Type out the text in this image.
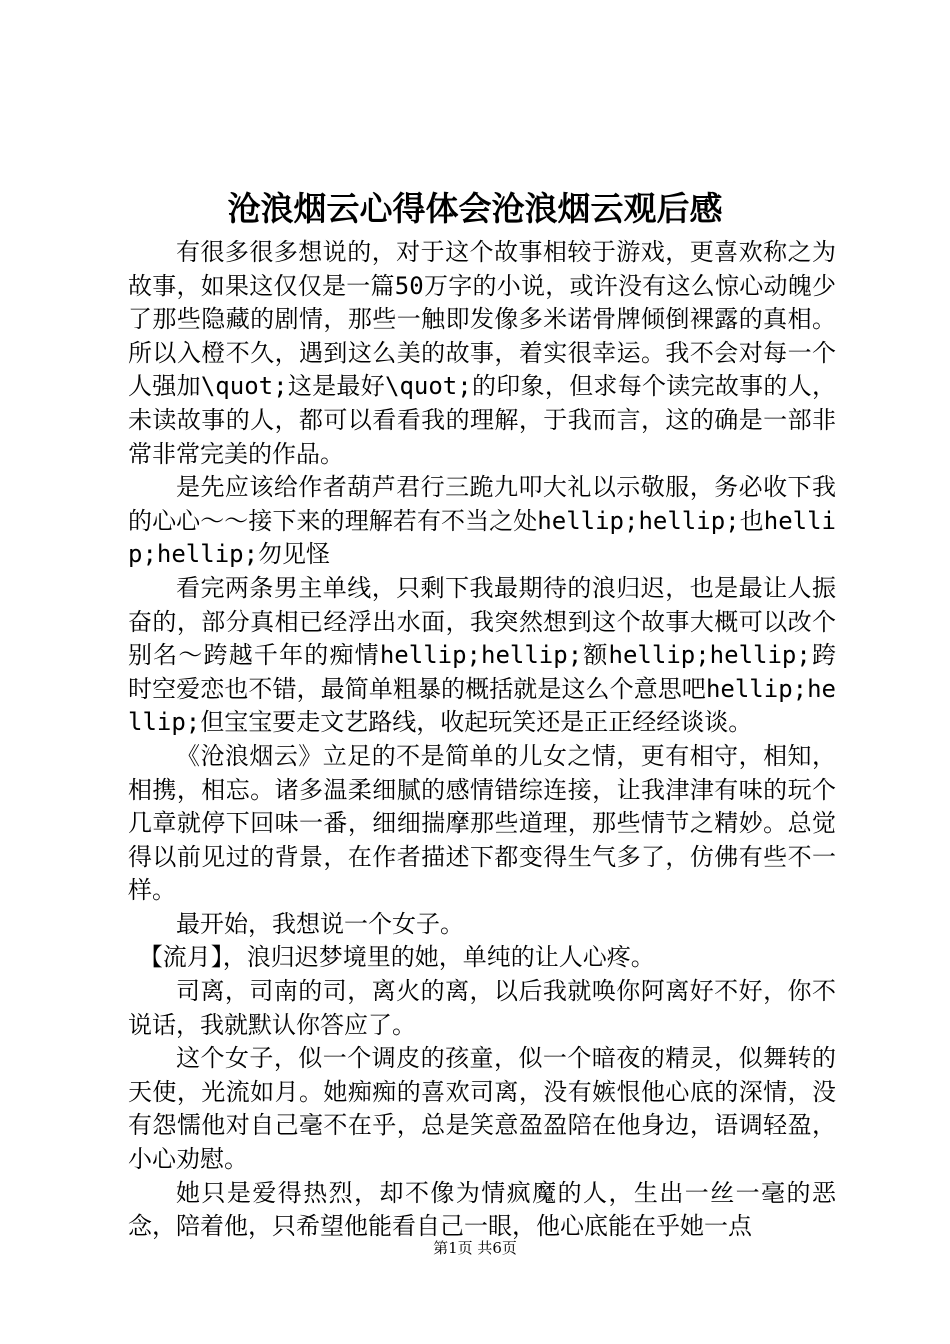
沧浪烟云心得体会沧浪烟云观后感

有很多很多想说的，对于这个故事相较于游戏，更喜欢称之为故事，如果这仅仅是一篇50万字的小说，或许没有这么惊心动魄少了那些隐藏的剧情，那些一触即发像多米诺骨牌倾倒裸露的真相。所以入橙不久，遇到这么美的故事，着实很幸运。我不会对每一个人强加\quot;这是最好\quot;的印象，但求每个读完故事的人，未读故事的人，都可以看看我的理解，于我而言，这的确是一部非常非常完美的作品。

是先应该给作者葫芦君行三跪九叩大礼以示敬服，务必收下我的心心～～接下来的理解若有不当之处hellip;hellip;也hellip;hellip;勿见怪

看完两条男主单线，只剩下我最期待的浪归迟，也是最让人振奋的，部分真相已经浮出水面，我突然想到这个故事大概可以改个别名～跨越千年的痴情hellip;hellip;额hellip;hellip;跨时空爱恋也不错，最简单粗暴的概括就是这么个意思吧hellip;hellip;但宝宝要走文艺路线，收起玩笑还是正正经经谈谈。

《沧浪烟云》立足的不是简单的儿女之情，更有相守，相知，相携，相忘。诸多温柔细腻的感情错综连接，让我津津有味的玩个几章就停下回味一番，细细揣摩那些道理，那些情节之精妙。总觉得以前见过的背景，在作者描述下都变得生气多了，仿佛有些不一样。

最开始，我想说一个女子。

【流月】，浪归迟梦境里的她，单纯的让人心疼。

司离，司南的司，离火的离，以后我就唤你阿离好不好，你不说话，我就默认你答应了。

这个女子，似一个调皮的孩童，似一个暗夜的精灵，似舞转的天使，光流如月。她痴痴的喜欢司离，没有嫉恨他心底的深情，没有怨懦他对自己毫不在乎，总是笑意盈盈陪在他身边，语调轻盈，小心劝慰。

她只是爱得热烈，却不像为情疯魔的人，生出一丝一毫的恶念，陪着他，只希望他能看自己一眼，他心底能在乎她一点

第1页 共6页
